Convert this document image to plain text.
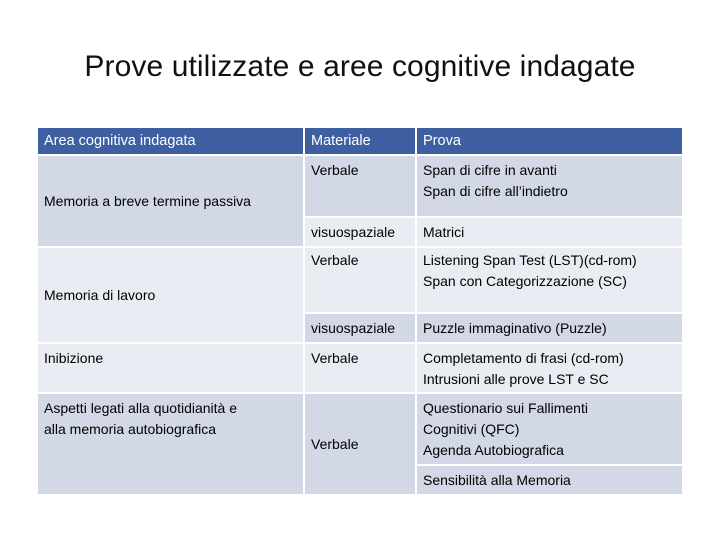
Prove utilizzate e aree cognitive indagate
Area cognitiva indagata	Materiale	Prova
Memoria a breve termine passiva	Verbale	Span di cifre in avanti
Span di cifre all’indietro

	visuospaziale	Matrici

Memoria di lavoro	Verbale	Listening Span Test (LST)(cd-rom)
Span con Categorizzazione (SC)

	visuospaziale	Puzzle immaginativo (Puzzle)

Inibizione	Verbale	Completamento di frasi (cd-rom)
Intrusioni alle prove LST e SC

Aspetti legati alla quotidianità e
alla memoria autobiografica	Verbale	Questionario sui Fallimenti
Cognitivi (QFC)
Agenda Autobiografica

		Sensibilità alla Memoria
